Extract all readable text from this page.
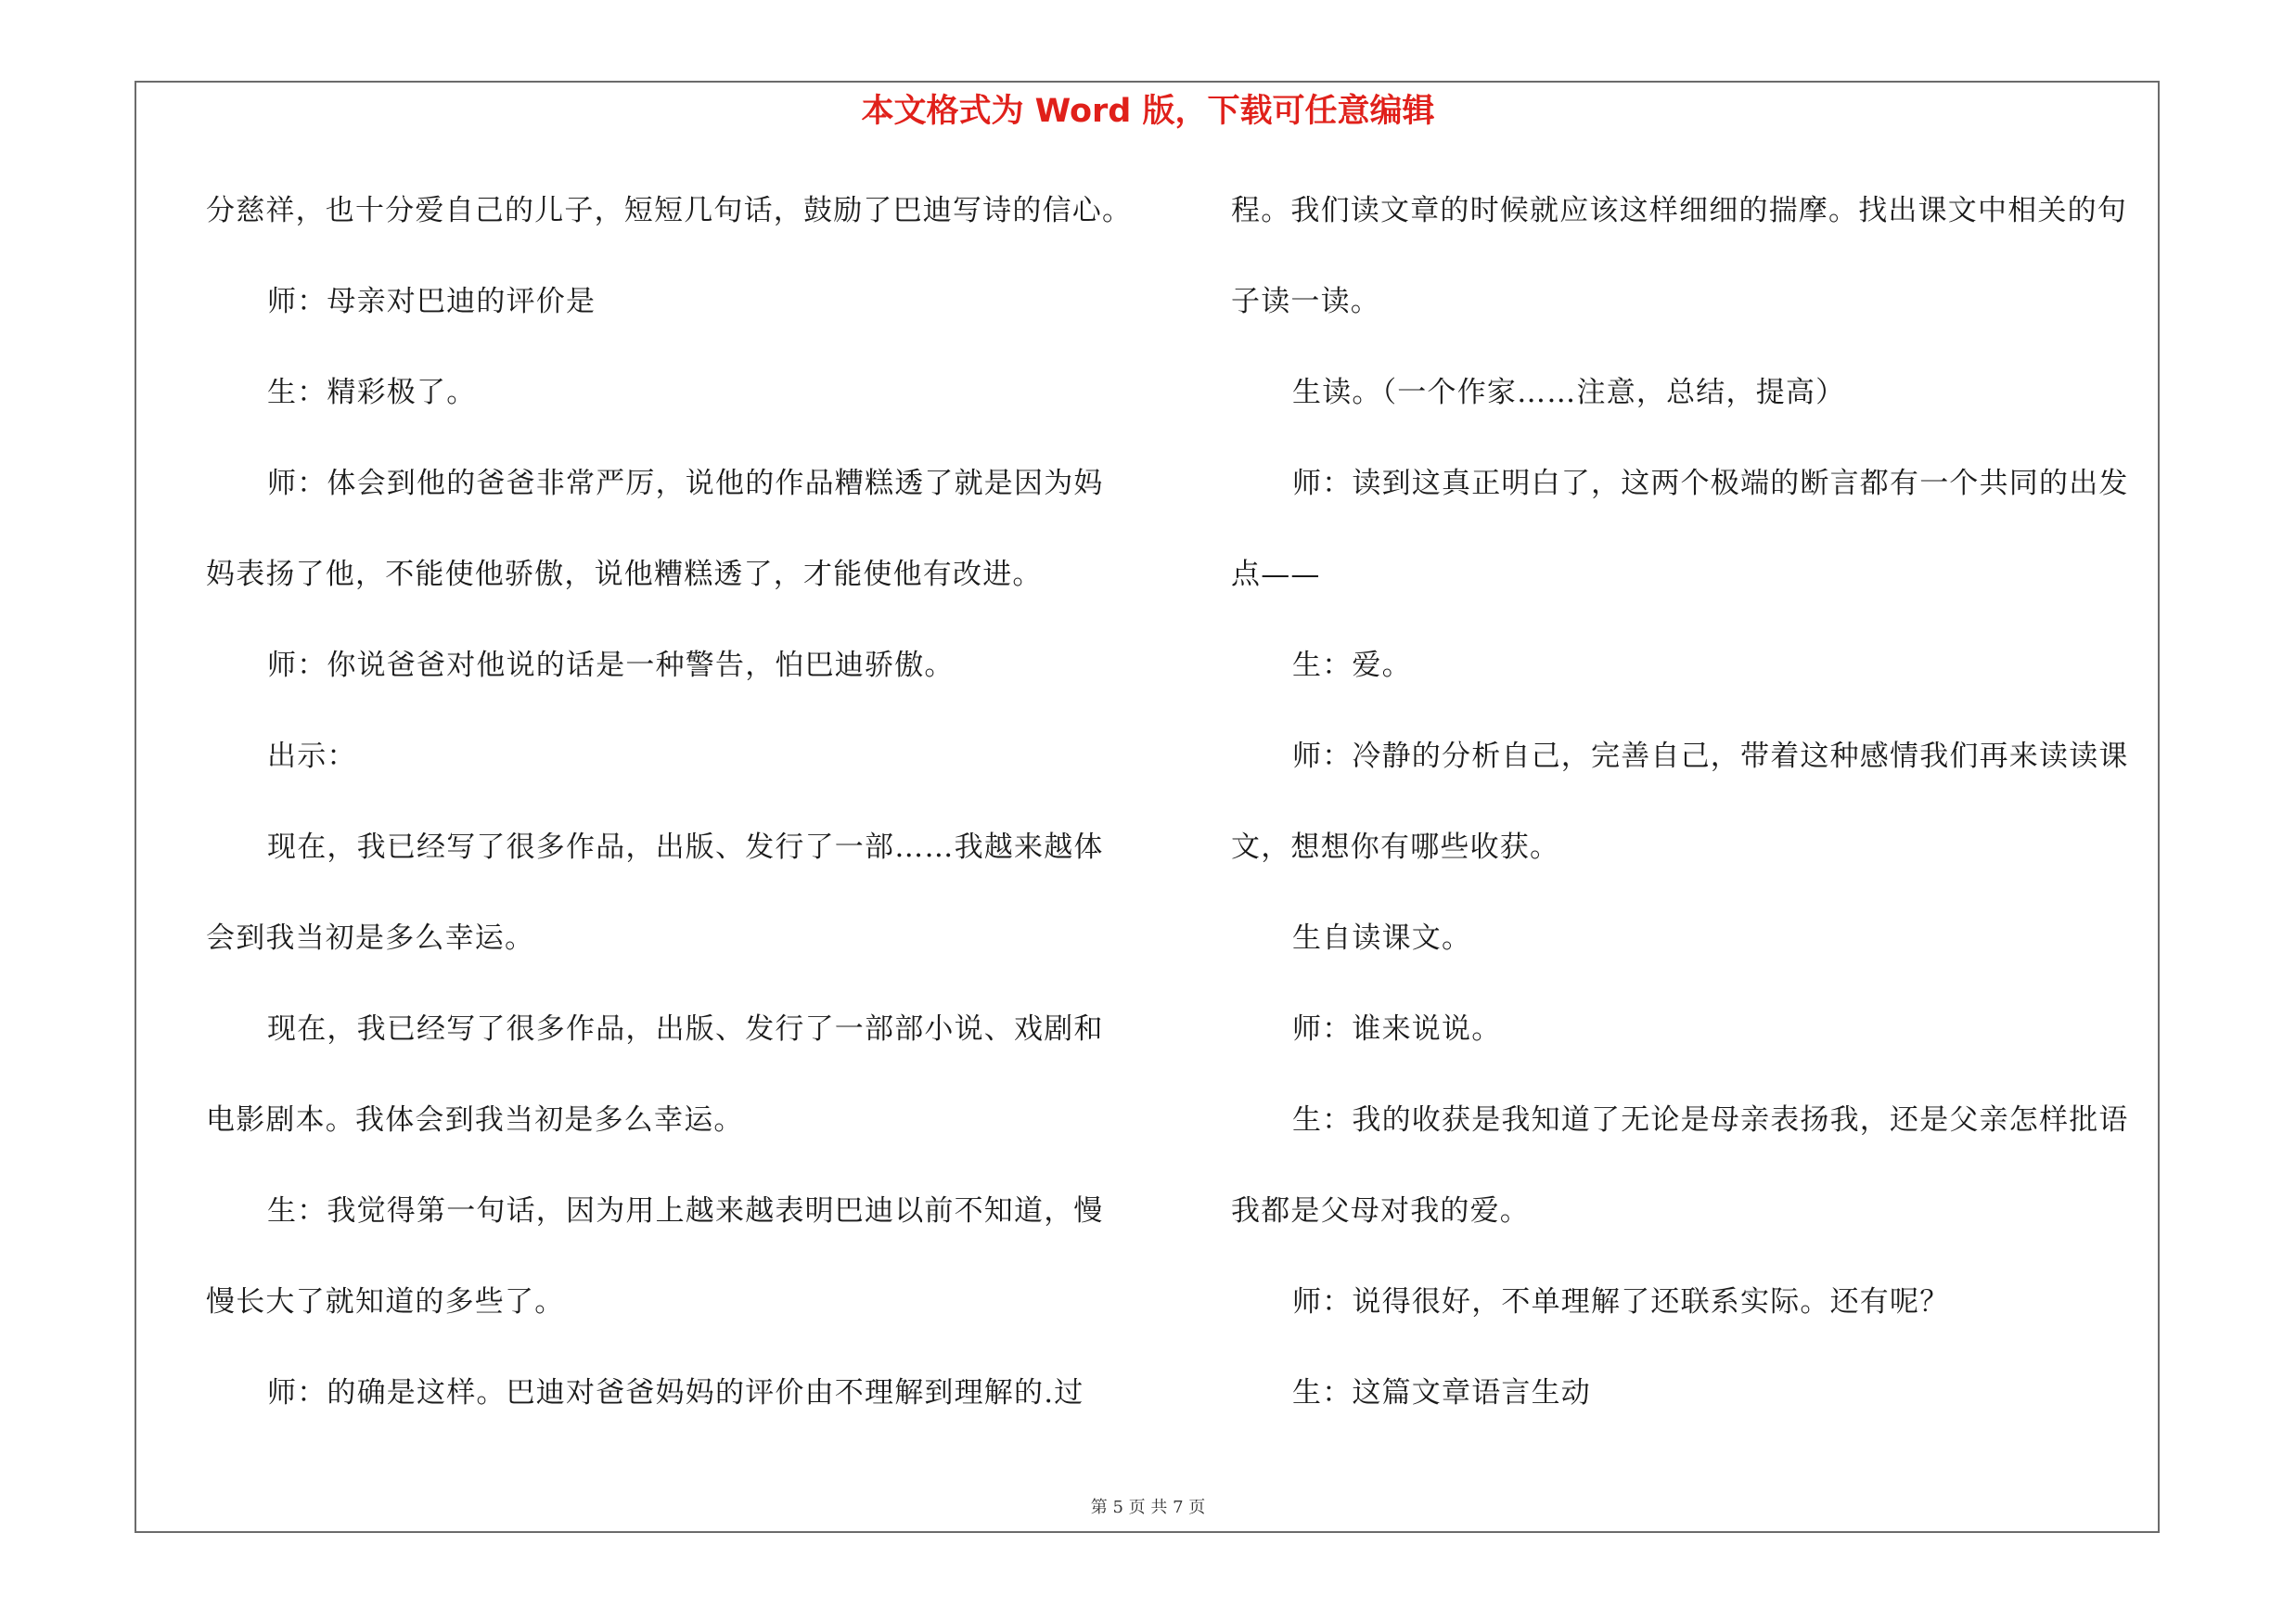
本文格式为 Word 版，下载可任意编辑
分慈祥，也十分爱自己的儿子，短短几句话，鼓励了巴迪写诗的信心。
师：母亲对巴迪的评价是
生：精彩极了。
师：体会到他的爸爸非常严厉，说他的作品糟糕透了就是因为妈
妈表扬了他，不能使他骄傲，说他糟糕透了，才能使他有改进。
师：你说爸爸对他说的话是一种警告，怕巴迪骄傲。
出示：
现在，我已经写了很多作品，出版、发行了一部……我越来越体
会到我当初是多么幸运。
现在，我已经写了很多作品，出版、发行了一部部小说、戏剧和
电影剧本。我体会到我当初是多么幸运。
生：我觉得第一句话，因为用上越来越表明巴迪以前不知道，慢
慢长大了就知道的多些了。
师：的确是这样。巴迪对爸爸妈妈的评价由不理解到理解的.过
程。我们读文章的时候就应该这样细细的揣摩。找出课文中相关的句
子读一读。
生读。（一个作家……注意，总结，提高）
师：读到这真正明白了，这两个极端的断言都有一个共同的出发
点——
生：爱。
师：冷静的分析自己，完善自己，带着这种感情我们再来读读课
文，想想你有哪些收获。
生自读课文。
师：谁来说说。
生：我的收获是我知道了无论是母亲表扬我，还是父亲怎样批语
我都是父母对我的爱。
师：说得很好，不单理解了还联系实际。还有呢？
生：这篇文章语言生动
第 5 页 共 7 页
